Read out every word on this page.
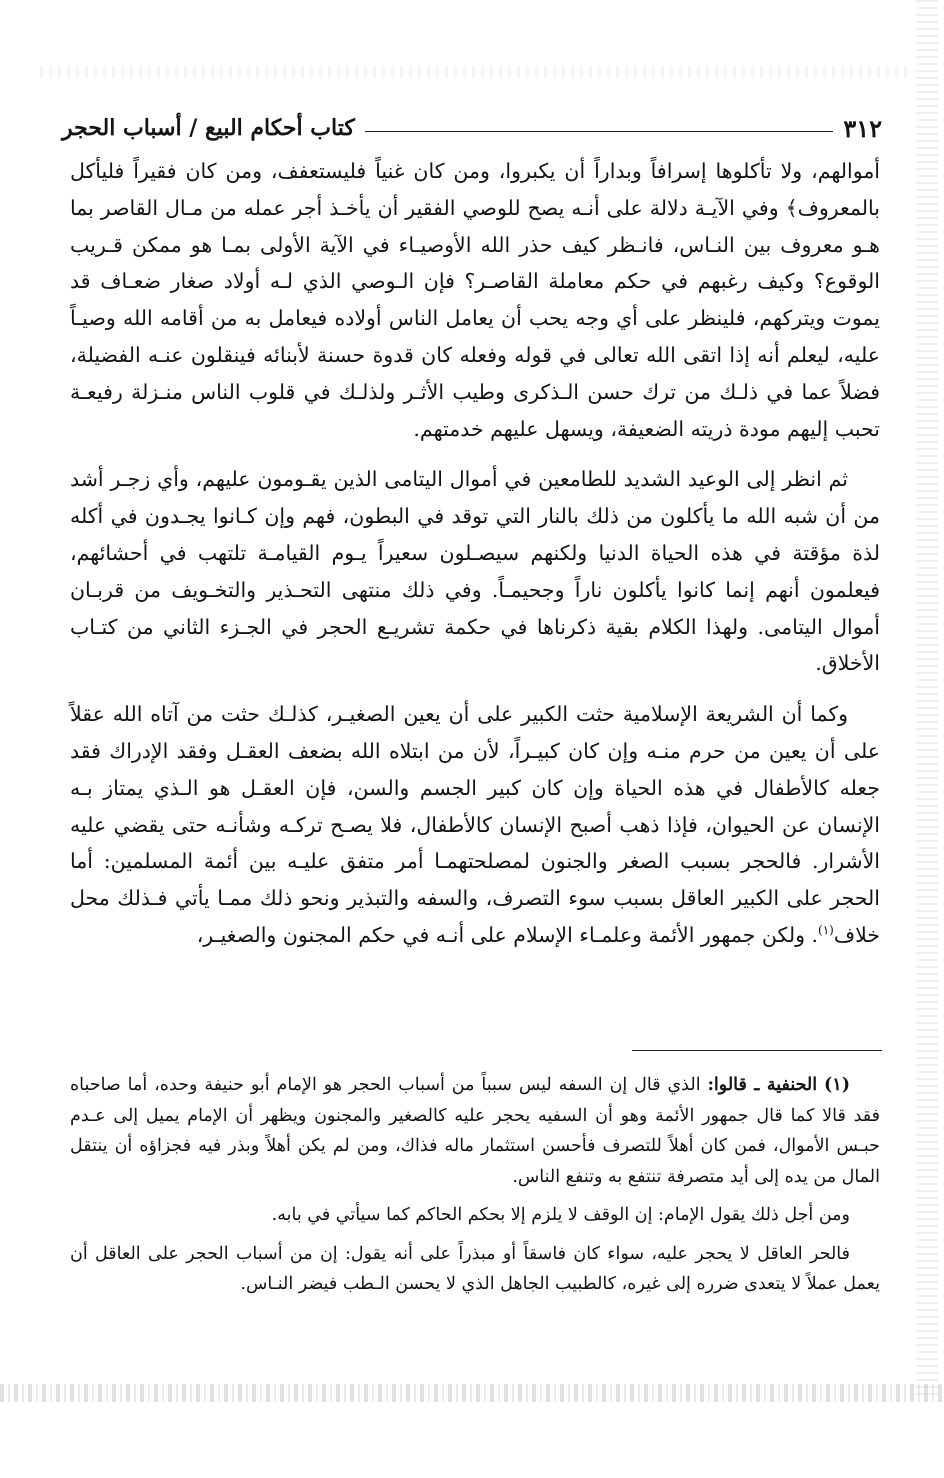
٣١٢
كتاب أحكام البيع / أسباب الحجر

أموالهم، ولا تأكلوها إسرافاً وبداراً أن يكبروا، ومن كان غنياً فليستعفف، ومن كان فقيراً فليأكل بالمعروف﴾ وفي الآيـة دلالة على أنـه يصح للوصي الفقير أن يأخـذ أجر عمله من مـال القاصر بما هـو معروف بين النـاس، فانـظر كيف حذر الله الأوصيـاء في الآية الأولى بمـا هو ممكن قـريب الوقوع؟ وكيف رغبهم في حكم معاملة القاصـر؟ فإن الـوصي الذي لـه أولاد صغار ضعـاف قد يموت ويتركهم، فلينظر على أي وجه يحب أن يعامل الناس أولاده فيعامل به من أقامه الله وصيـاً عليه، ليعلم أنه إذا اتقى الله تعالى في قوله وفعله كان قدوة حسنة لأبنائه فينقلون عنـه الفضيلة، فضلاً عما في ذلـك من ترك حسن الـذكرى وطيب الأثـر ولذلـك في قلوب الناس منـزلة رفيعـة تحبب إليهم مودة ذريته الضعيفة، ويسهل عليهم خدمتهم.

ثم انظر إلى الوعيد الشديد للطامعين في أموال اليتامى الذين يقـومون عليهم، وأي زجـر أشد من أن شبه الله ما يأكلون من ذلك بالنار التي توقد في البطون، فهم وإن كـانوا يجـدون في أكله لذة مؤقتة في هذه الحياة الدنيا ولكنهم سيصـلون سعيراً يـوم القيامـة تلتهب في أحشائهم، فيعلمون أنهم إنما كانوا يأكلون ناراً وجحيمـاً. وفي ذلك منتهى التحـذير والتخـويف من قربـان أموال اليتامى. ولهذا الكلام بقية ذكرناها في حكمة تشريـع الحجر في الجـزء الثاني من كتـاب الأخلاق.

وكما أن الشريعة الإسلامية حثت الكبير على أن يعين الصغيـر، كذلـك حثت من آتاه الله عقلاً على أن يعين من حرم منـه وإن كان كبيـراً، لأن من ابتلاه الله بضعف العقـل وفقد الإدراك فقد جعله كالأطفال في هذه الحياة وإن كان كبير الجسم والسن، فإن العقـل هو الـذي يمتاز بـه الإنسان عن الحيوان، فإذا ذهب أصبح الإنسان كالأطفال، فلا يصـح تركـه وشأنـه حتى يقضي عليه الأشرار. فالحجر بسبب الصغر والجنون لمصلحتهمـا أمر متفق عليـه بين أئمة المسلمين: أما الحجر على الكبير العاقل بسبب سوء التصرف، والسفه والتبذير ونحو ذلك ممـا يأتي فـذلك محل خلاف$^{(١)}$. ولكن جمهور الأئمة وعلمـاء الإسلام على أنـه في حكم المجنون والصغيـر،

(١) الحنفية ـ قالوا: الذي قال إن السفه ليس سبباً من أسباب الحجر هو الإمام أبو حنيفة وحده، أما صاحباه فقد قالا كما قال جمهور الأئمة وهو أن السفيه يحجر عليه كالصغير والمجنون ويظهر أن الإمام يميل إلى عـدم حبـس الأموال، فمن كان أهلاً للتصرف فأحسن استثمار ماله فذاك، ومن لم يكن أهلاً وبذر فيه فجزاؤه أن ينتقل المال من يده إلى أيد متصرفة تنتفع به وتنفع الناس.

ومن أجل ذلك يقول الإمام: إن الوقف لا يلزم إلا بحكم الحاكم كما سيأتي في بابه.

فالحر العاقل لا يحجر عليه، سواء كان فاسقاً أو مبذراً على أنه يقول: إن من أسباب الحجر على العاقل أن يعمل عملاً لا يتعدى ضرره إلى غيره، كالطبيب الجاهل الذي لا يحسن الـطب فيضر النـاس.
